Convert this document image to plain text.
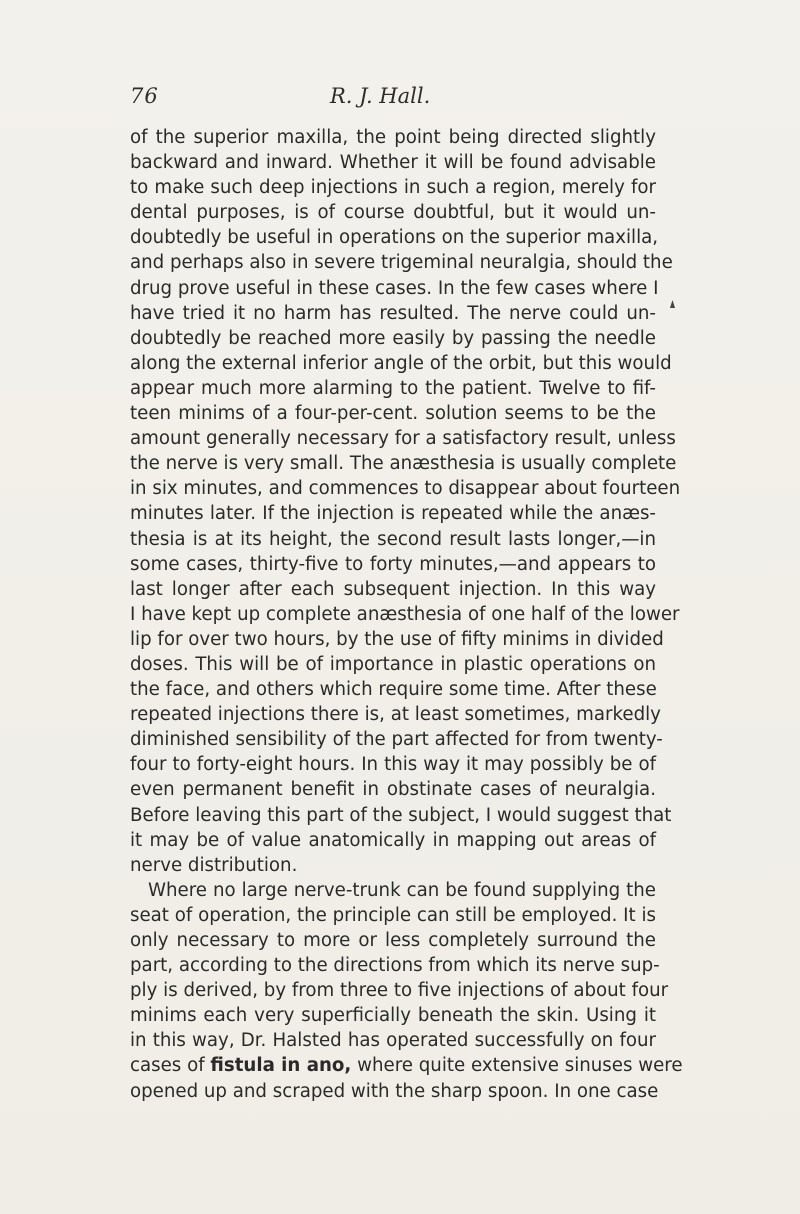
76	R. J. Hall.
of the superior maxilla, the point being directed slightly
backward and inward. Whether it will be found advisable
to make such deep injections in such a region, merely for
dental purposes, is of course doubtful, but it would un-
doubtedly be useful in operations on the superior maxilla,
and perhaps also in severe trigeminal neuralgia, should the
drug prove useful in these cases. In the few cases where I
have tried it no harm has resulted. The nerve could un-
doubtedly be reached more easily by passing the needle
along the external inferior angle of the orbit, but this would
appear much more alarming to the patient. Twelve to fif-
teen minims of a four-per-cent. solution seems to be the
amount generally necessary for a satisfactory result, unless
the nerve is very small. The anæsthesia is usually complete
in six minutes, and commences to disappear about fourteen
minutes later. If the injection is repeated while the anæs-
thesia is at its height, the second result lasts longer,—in
some cases, thirty-five to forty minutes,—and appears to
last longer after each subsequent injection. In this way
I have kept up complete anæsthesia of one half of the lower
lip for over two hours, by the use of fifty minims in divided
doses. This will be of importance in plastic operations on
the face, and others which require some time. After these
repeated injections there is, at least sometimes, markedly
diminished sensibility of the part affected for from twenty-
four to forty-eight hours. In this way it may possibly be of
even permanent benefit in obstinate cases of neuralgia.
Before leaving this part of the subject, I would suggest that
it may be of value anatomically in mapping out areas of
nerve distribution.
Where no large nerve-trunk can be found supplying the
seat of operation, the principle can still be employed. It is
only necessary to more or less completely surround the
part, according to the directions from which its nerve sup-
ply is derived, by from three to five injections of about four
minims each very superficially beneath the skin. Using it
in this way, Dr. Halsted has operated successfully on four
cases of fistula in ano, where quite extensive sinuses were
opened up and scraped with the sharp spoon. In one case
